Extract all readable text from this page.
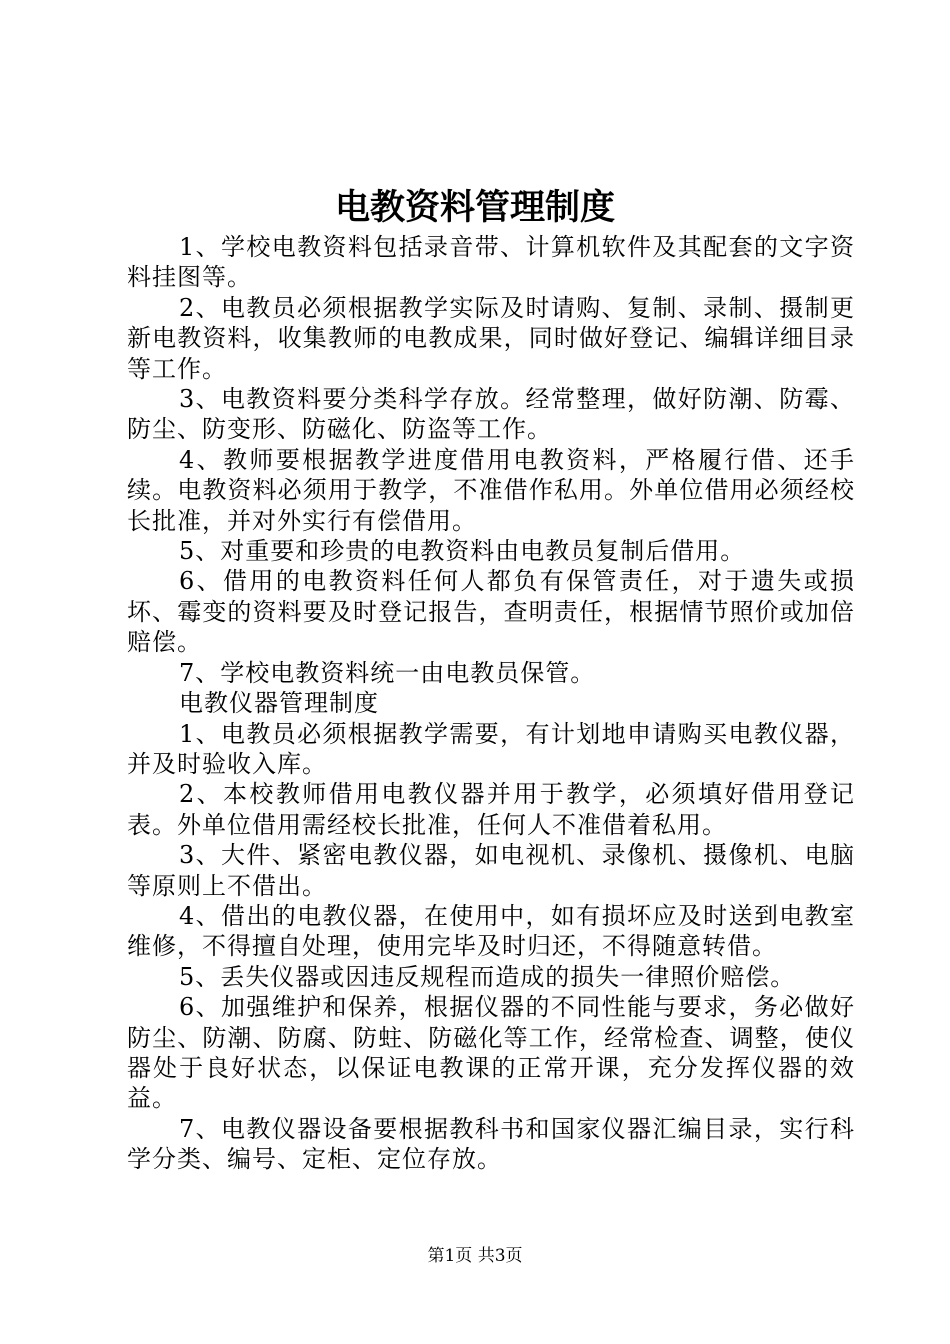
电教资料管理制度

1、学校电教资料包括录音带、计算机软件及其配套的文字资料挂图等。

2、电教员必须根据教学实际及时请购、复制、录制、摄制更新电教资料，收集教师的电教成果，同时做好登记、编辑详细目录等工作。

3、电教资料要分类科学存放。经常整理，做好防潮、防霉、防尘、防变形、防磁化、防盗等工作。

4、教师要根据教学进度借用电教资料，严格履行借、还手续。电教资料必须用于教学，不准借作私用。外单位借用必须经校长批准，并对外实行有偿借用。

5、对重要和珍贵的电教资料由电教员复制后借用。

6、借用的电教资料任何人都负有保管责任，对于遗失或损坏、霉变的资料要及时登记报告，查明责任，根据情节照价或加倍赔偿。

7、学校电教资料统一由电教员保管。

电教仪器管理制度

1、电教员必须根据教学需要，有计划地申请购买电教仪器，并及时验收入库。

2、本校教师借用电教仪器并用于教学，必须填好借用登记表。外单位借用需经校长批准，任何人不准借着私用。

3、大件、紧密电教仪器，如电视机、录像机、摄像机、电脑等原则上不借出。

4、借出的电教仪器，在使用中，如有损坏应及时送到电教室维修，不得擅自处理，使用完毕及时归还，不得随意转借。

5、丢失仪器或因违反规程而造成的损失一律照价赔偿。

6、加强维护和保养，根据仪器的不同性能与要求，务必做好防尘、防潮、防腐、防蛀、防磁化等工作，经常检查、调整，使仪器处于良好状态，以保证电教课的正常开课，充分发挥仪器的效益。

7、电教仪器设备要根据教科书和国家仪器汇编目录，实行科学分类、编号、定柜、定位存放。

第1页 共3页
